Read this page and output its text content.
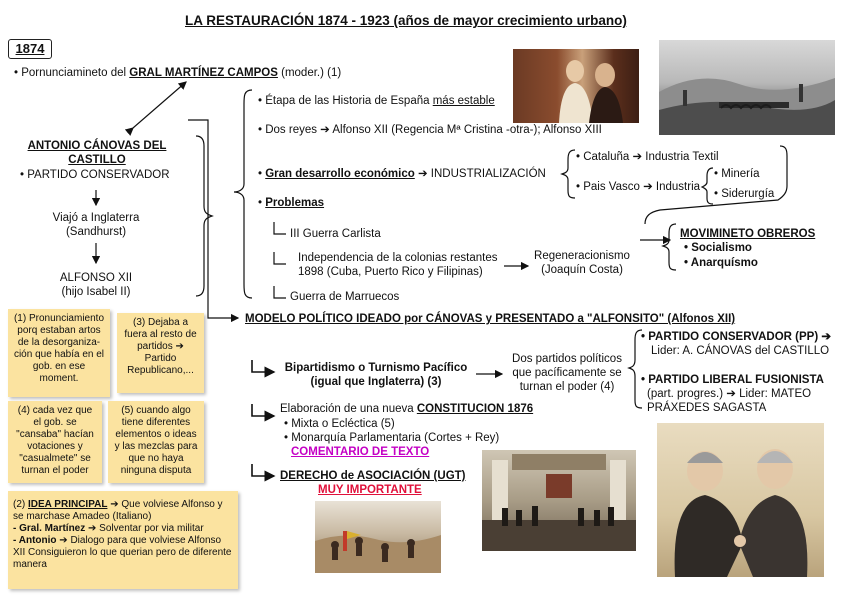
LA RESTAURACIÓN 1874 - 1923 (años de mayor crecimiento urbano)
1874
• Pornunciamineto del GRAL MARTÍNEZ CAMPOS (moder.) (1)
ANTONIO CÁNOVAS DEL
CASTILLO
• PARTIDO CONSERVADOR
Viajó a Inglaterra
(Sandhurst)
ALFONSO XII
(hijo Isabel II)
• Étapa de las Historia de España más estable
• Dos reyes ➔ Alfonso XII (Regencia Mª Cristina -otra-); Alfonso XIII
• Gran desarrollo económico ➔ INDUSTRIALIZACIÓN
• Cataluña ➔ Industria Textil
• Pais Vasco ➔ Industria
• Minería
• Siderurgía
• Problemas
III Guerra Carlista
Independencia de la colonias restantes
1898 (Cuba, Puerto Rico y Filipinas)
Regeneracionismo
(Joaquín Costa)
Guerra de Marruecos
MOVIMINETO OBREROS
• Socialismo
• Anarquísmo
MODELO POLÍTICO IDEADO por CÁNOVAS y PRESENTADO a "ALFONSITO" (Alfonos XII)
Bipartidismo o Turnismo Pacífico
(igual que Inglaterra) (3)
Dos partidos políticos
que pacíficamente se
turnan el poder (4)
• PARTIDO CONSERVADOR (PP) ➔
Lider: A. CÁNOVAS del CASTILLO
• PARTIDO LIBERAL FUSIONISTA
(part. progres.) ➔ Lider: MATEO
PRÁXEDES SAGASTA
Elaboración de una nueva CONSTITUCION 1876
• Mixta o Ecléctica (5)
• Monarquía Parlamentaria (Cortes + Rey)
COMENTARIO DE TEXTO
DERECHO de ASOCIACIÓN (UGT)
MUY IMPORTANTE
(1) Pronunciamiento porq estaban artos de la desorganiza-ción que había en el gob. en ese moment.
(3) Dejaba a fuera al resto de partidos ➔ Partido Republicano,...
(4) cada vez que el gob. se "cansaba" hacían votaciones y "casualmete" se turnan el poder
(5) cuando algo tiene diferentes elementos o ideas y las mezclas para que no haya ninguna disputa
(2) IDEA PRINCIPAL ➔ Que volviese Alfonso y se marchase Amadeo (Italiano)
- Gral. Martínez ➔ Solventar por via militar
- Antonio ➔ Dialogo para que volviese Alfonso XII Consiguieron lo que querian pero de diferente manera
